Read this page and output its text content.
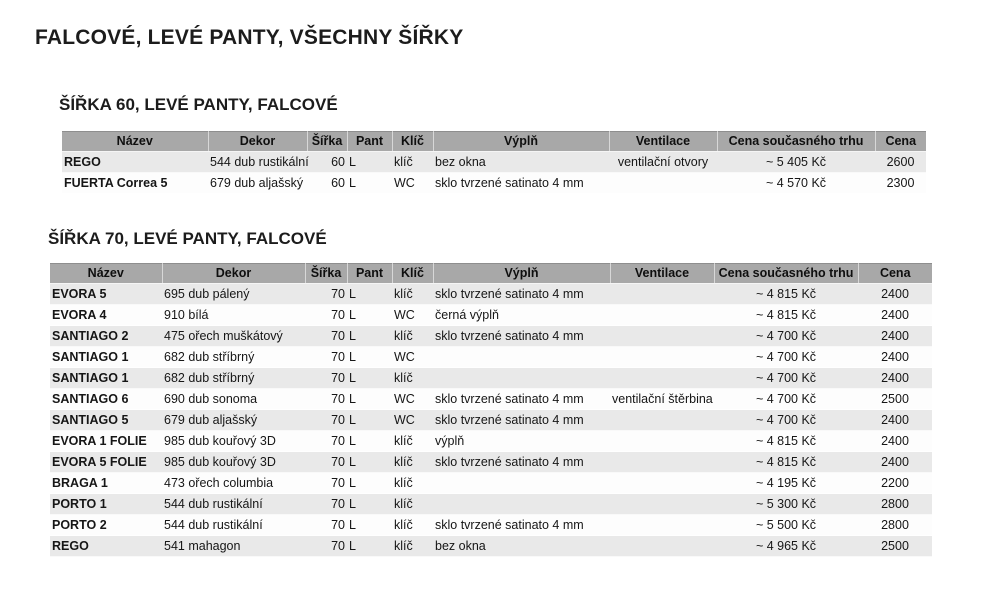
FALCOVÉ, LEVÉ PANTY, VŠECHNY ŠÍŘKY
ŠÍŘKA 60, LEVÉ PANTY, FALCOVÉ
Název	Dekor	Šířka	Pant	Klíč	Výplň	Ventilace	Cena současného trhu	Cena
REGO	544 dub rustikální	60	L	klíč	bez okna	ventilační otvory	~ 5 405 Kč	2600
FUERTA Correa 5	679 dub aljašský	60	L	WC	sklo tvrzené satinato 4 mm		~ 4 570 Kč	2300
ŠÍŘKA 70, LEVÉ PANTY, FALCOVÉ
Název	Dekor	Šířka	Pant	Klíč	Výplň	Ventilace	Cena současného trhu	Cena
EVORA 5	695 dub pálený	70	L	klíč	sklo tvrzené satinato 4 mm		~ 4 815 Kč	2400
EVORA 4	910 bílá	70	L	WC	černá výplň		~ 4 815 Kč	2400
SANTIAGO 2	475 ořech muškátový	70	L	klíč	sklo tvrzené satinato 4 mm		~ 4 700 Kč	2400
SANTIAGO 1	682 dub stříbrný	70	L	WC			~ 4 700 Kč	2400
SANTIAGO 1	682 dub stříbrný	70	L	klíč			~ 4 700 Kč	2400
SANTIAGO 6	690 dub sonoma	70	L	WC	sklo tvrzené satinato 4 mm	ventilační štěrbina	~ 4 700 Kč	2500
SANTIAGO 5	679 dub aljašský	70	L	WC	sklo tvrzené satinato 4 mm		~ 4 700 Kč	2400
EVORA 1 FOLIE	985 dub kouřový 3D	70	L	klíč	výplň		~ 4 815 Kč	2400
EVORA 5 FOLIE	985 dub kouřový 3D	70	L	klíč	sklo tvrzené satinato 4 mm		~ 4 815 Kč	2400
BRAGA 1	473 ořech columbia	70	L	klíč			~ 4 195 Kč	2200
PORTO 1	544 dub rustikální	70	L	klíč			~ 5 300 Kč	2800
PORTO 2	544 dub rustikální	70	L	klíč	sklo tvrzené satinato 4 mm		~ 5 500 Kč	2800
REGO	541 mahagon	70	L	klíč	bez okna		~ 4 965 Kč	2500
